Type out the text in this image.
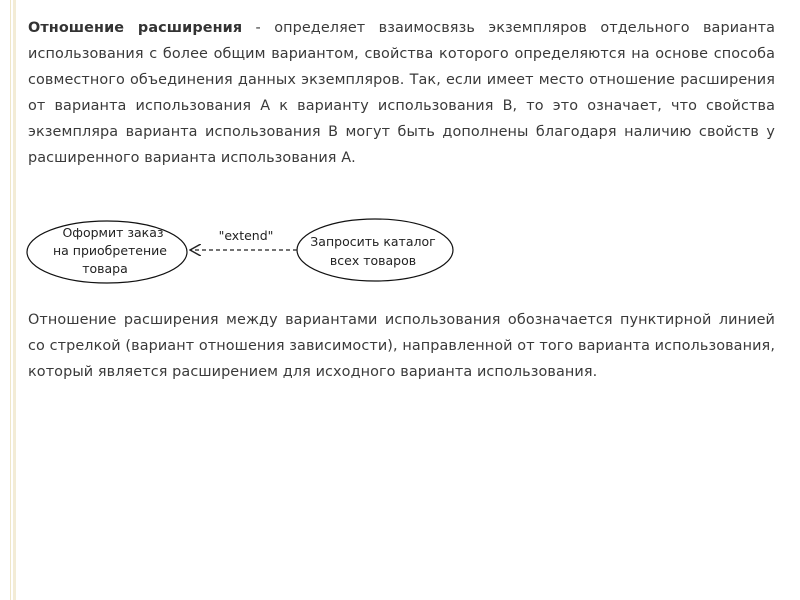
Отношение расширения - определяет взаимосвязь экземпляров отдельного варианта использования с более общим вариантом, свойства которого определяются на основе способа совместного объединения данных экземпляров. Так, если имеет место отношение расширения от варианта использования А к варианту использования В, то это означает, что свойства экземпляра варианта использования В могут быть дополнены благодаря наличию свойств у расширенного варианта использования А.
Оформит заказ
на приобретение
товара
Запросить каталог
всех товаров
"extend"
Отношение расширения между вариантами использования обозначается пунктирной линией со стрелкой (вариант отношения зависимости), направленной от того варианта использования, который является расширением для исходного варианта использования.
